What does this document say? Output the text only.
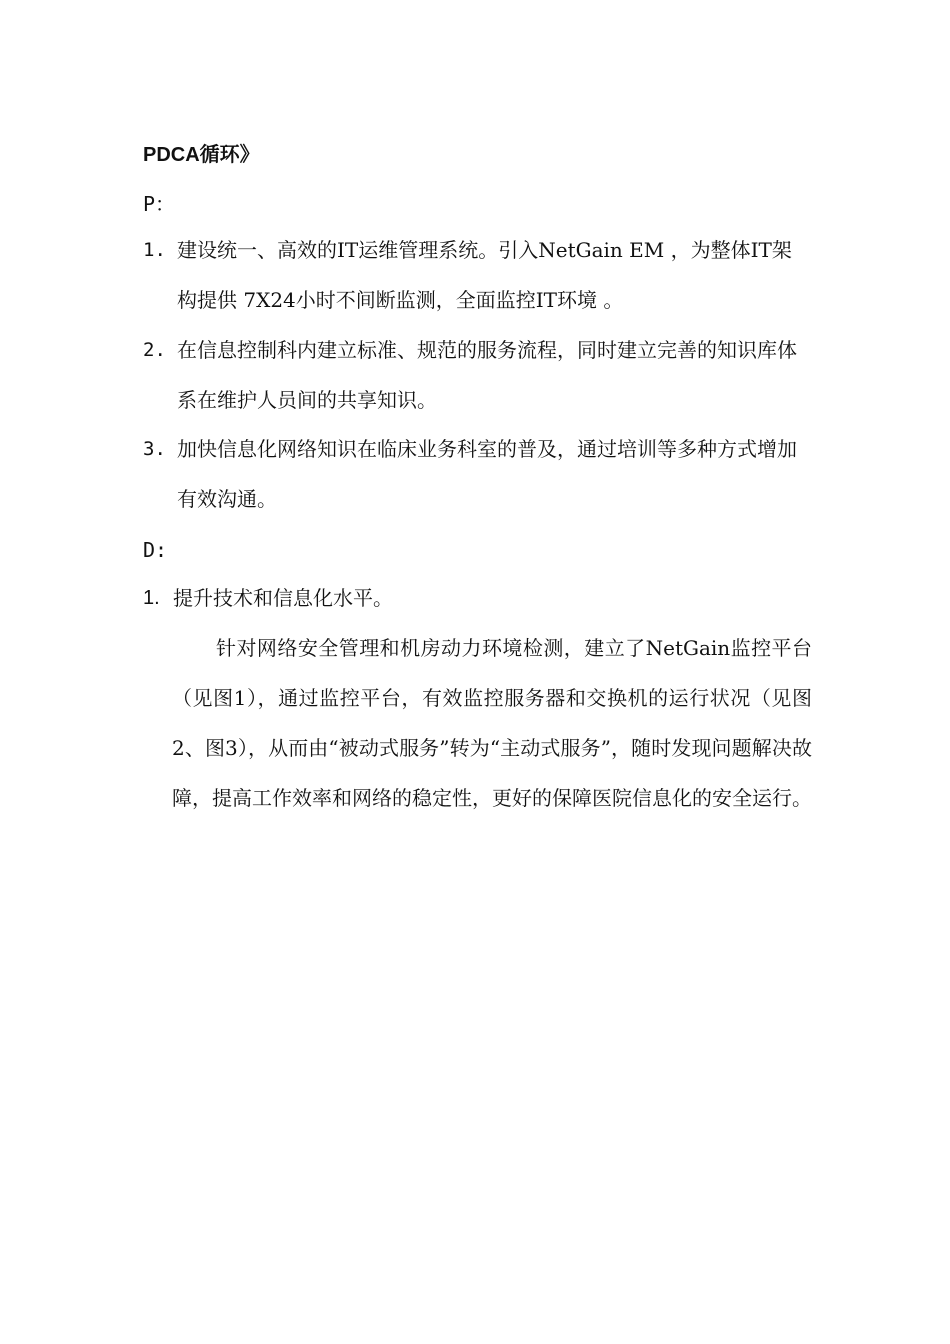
PDCA循环》
P：
1. 建设统一、高效的IT运维管理系统。引入NetGain EM ，为整体IT架构提供 7X24小时不间断监测，全面监控IT环境 。
2. 在信息控制科内建立标准、规范的服务流程，同时建立完善的知识库体系在维护人员间的共享知识。
3. 加快信息化网络知识在临床业务科室的普及，通过培训等多种方式增加有效沟通。
D:
1. 提升技术和信息化水平。
针对网络安全管理和机房动力环境检测，建立了NetGain监控平台（见图1），通过监控平台，有效监控服务器和交换机的运行状况（见图2、图3），从而由“被动式服务”转为“主动式服务”，随时发现问题解决故障，提高工作效率和网络的稳定性，更好的保障医院信息化的安全运行。
